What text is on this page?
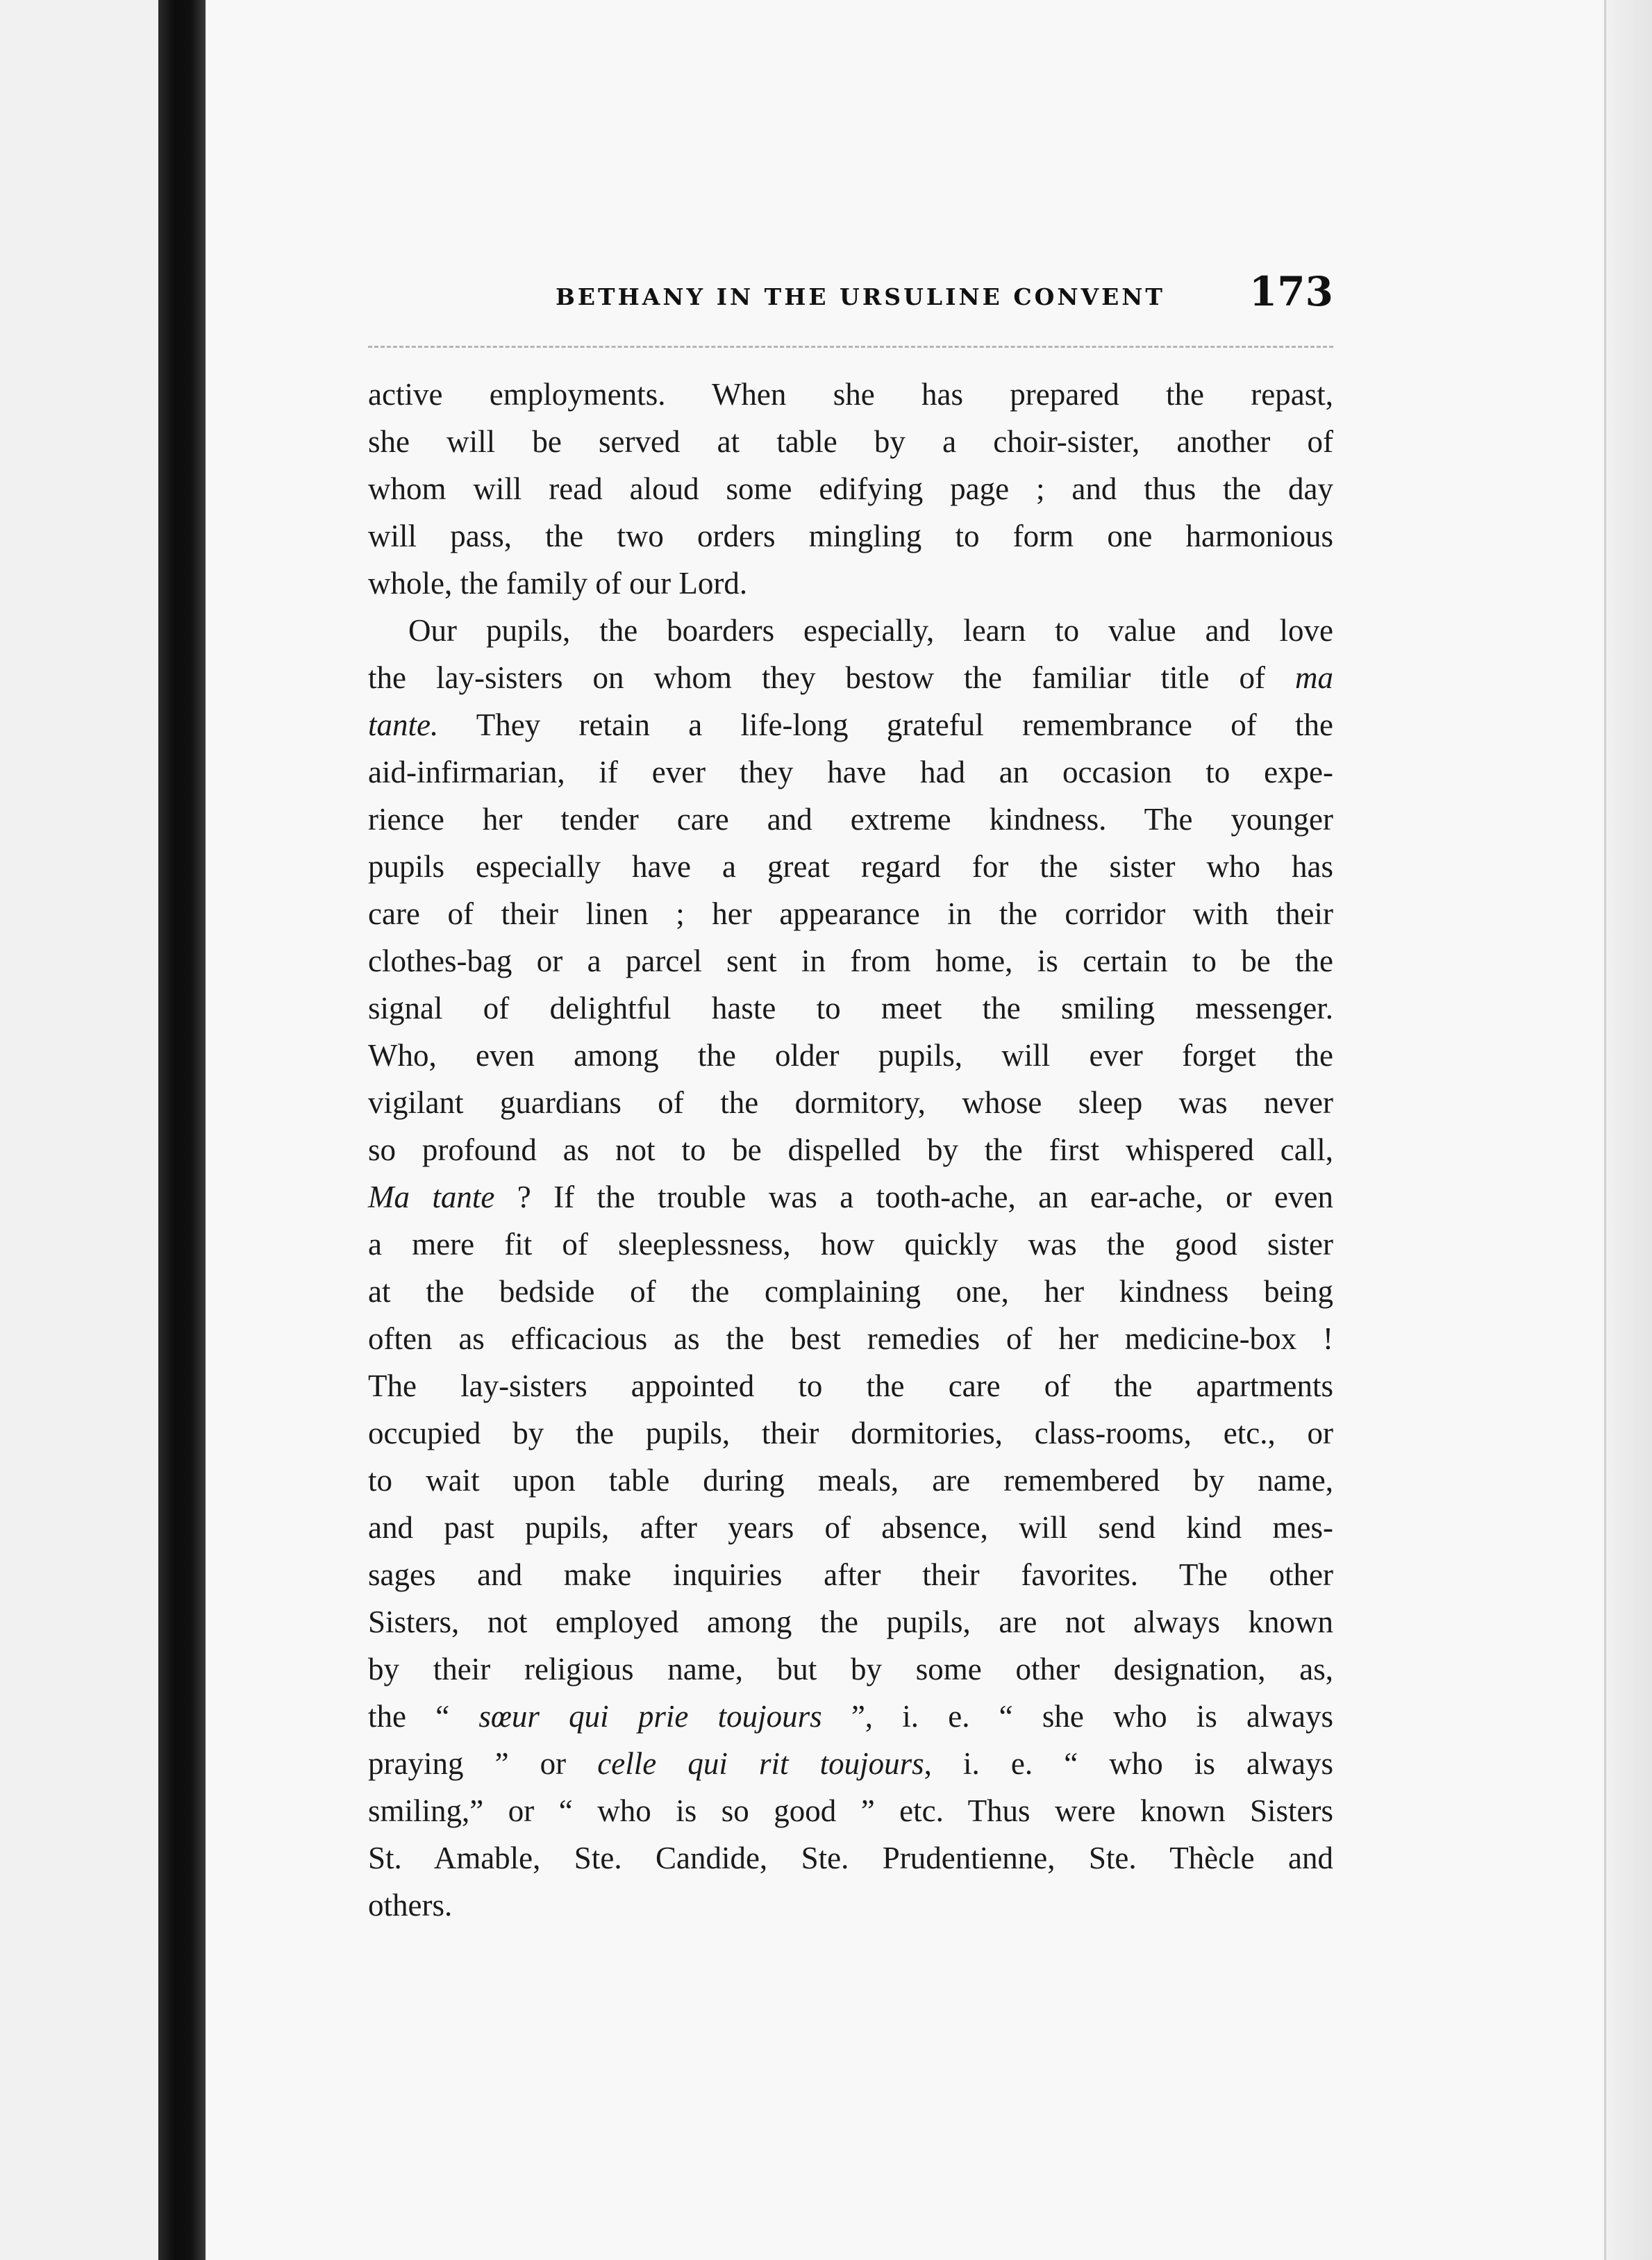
BETHANY IN THE URSULINE CONVENT 173
active employments. When she has prepared the repast,
she will be served at table by a choir-sister, another of
whom will read aloud some edifying page ; and thus the day
will pass, the two orders mingling to form one harmonious
whole, the family of our Lord.
Our pupils, the boarders especially, learn to value and love
the lay-sisters on whom they bestow the familiar title of ma
tante. They retain a life-long grateful remembrance of the
aid-infirmarian, if ever they have had an occasion to expe-
rience her tender care and extreme kindness. The younger
pupils especially have a great regard for the sister who has
care of their linen ; her appearance in the corridor with their
clothes-bag or a parcel sent in from home, is certain to be the
signal of delightful haste to meet the smiling messenger.
Who, even among the older pupils, will ever forget the
vigilant guardians of the dormitory, whose sleep was never
so profound as not to be dispelled by the first whispered call,
Ma tante ? If the trouble was a tooth-ache, an ear-ache, or even
a mere fit of sleeplessness, how quickly was the good sister
at the bedside of the complaining one, her kindness being
often as efficacious as the best remedies of her medicine-box !
The lay-sisters appointed to the care of the apartments
occupied by the pupils, their dormitories, class-rooms, etc., or
to wait upon table during meals, are remembered by name,
and past pupils, after years of absence, will send kind mes-
sages and make inquiries after their favorites. The other
Sisters, not employed among the pupils, are not always known
by their religious name, but by some other designation, as,
the “ sœur qui prie toujours ”, i. e. “ she who is always
praying ” or celle qui rit toujours, i. e. “ who is always
smiling,” or “ who is so good ” etc. Thus were known Sisters
St. Amable, Ste. Candide, Ste. Prudentienne, Ste. Thècle and
others.
